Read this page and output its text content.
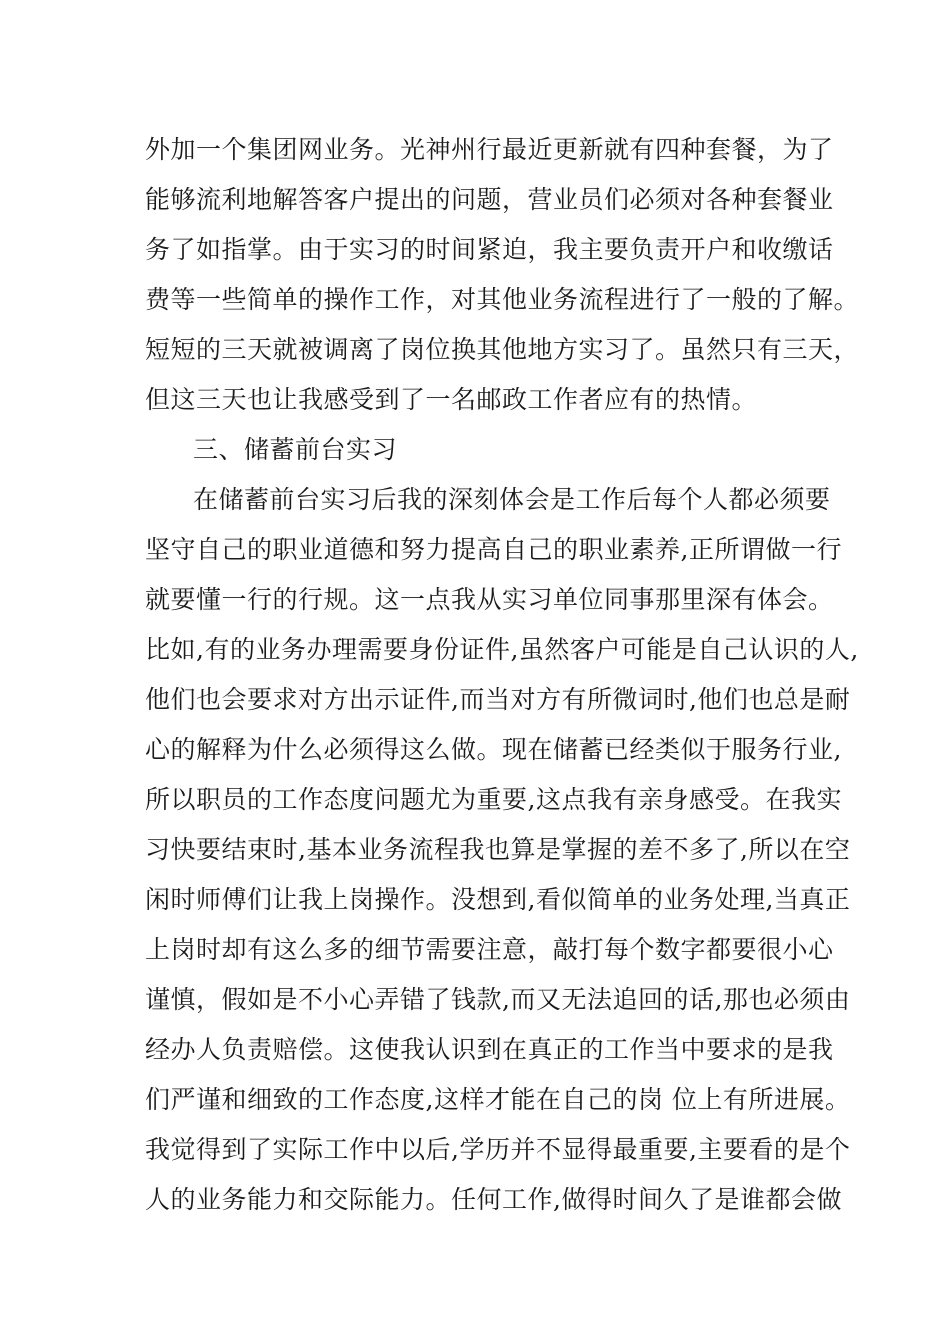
外加一个集团网业务。光神州行最近更新就有四种套餐，为了
能够流利地解答客户提出的问题，营业员们必须对各种套餐业
务了如指掌。由于实习的时间紧迫，我主要负责开户和收缴话
费等一些简单的操作工作，对其他业务流程进行了一般的了解。
短短的三天就被调离了岗位换其他地方实习了。虽然只有三天，
但这三天也让我感受到了一名邮政工作者应有的热情。
三、储蓄前台实习
在储蓄前台实习后我的深刻体会是工作后每个人都必须要
坚守自己的职业道德和努力提高自己的职业素养,正所谓做一行
就要懂一行的行规。这一点我从实习单位同事那里深有体会。
比如,有的业务办理需要身份证件,虽然客户可能是自己认识的人,
他们也会要求对方出示证件,而当对方有所微词时,他们也总是耐
心的解释为什么必须得这么做。现在储蓄已经类似于服务行业,
所以职员的工作态度问题尤为重要,这点我有亲身感受。在我实
习快要结束时,基本业务流程我也算是掌握的差不多了,所以在空
闲时师傅们让我上岗操作。没想到,看似简单的业务处理,当真正
上岗时却有这么多的细节需要注意，敲打每个数字都要很小心
谨慎，假如是不小心弄错了钱款,而又无法追回的话,那也必须由
经办人负责赔偿。这使我认识到在真正的工作当中要求的是我
们严谨和细致的工作态度,这样才能在自己的岗 位上有所进展。
我觉得到了实际工作中以后,学历并不显得最重要,主要看的是个
人的业务能力和交际能力。任何工作,做得时间久了是谁都会做
